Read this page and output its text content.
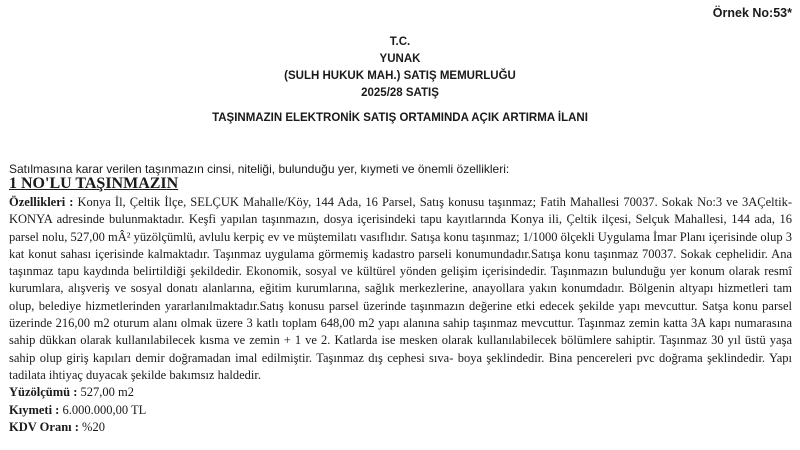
Örnek No:53*
T.C.
YUNAK
(SULH HUKUK MAH.) SATIŞ MEMURLUĞU
2025/28 SATIŞ
TAŞINMAZIN ELEKTRONİK SATIŞ ORTAMINDA AÇIK ARTIRMA İLANI
Satılmasına karar verilen taşınmazın cinsi, niteliği, bulunduğu yer, kıymeti ve önemli özellikleri:
1 NO'LU TAŞINMAZIN

Özellikleri : Konya İl, Çeltik İlçe, SELÇUK Mahalle/Köy, 144 Ada, 16 Parsel, Satış konusu taşınmaz; Fatih Mahallesi 70037. Sokak No:3 ve 3AÇeltik-KONYA adresinde bulunmaktadır. Keşfi yapılan taşınmazın, dosya içerisindeki tapu kayıtlarında Konya ili, Çeltik ilçesi, Selçuk Mahallesi, 144 ada, 16 parsel nolu, 527,00 mÂ² yüzölçümlü, avlulu kerpiç ev ve müştemilatı vasıflıdır. Satışa konu taşınmaz; 1/1000 ölçekli Uygulama İmar Planı içerisinde olup 3 kat konut sahası içerisinde kalmaktadır. Taşınmaz uygulama görmemiş kadastro parseli konumundadır.Satışa konu taşınmaz 70037. Sokak cephelidir. Ana taşınmaz tapu kaydında belirtildiği şekildedir. Ekonomik, sosyal ve kültürel yönden gelişim içerisindedir. Taşınmazın bulunduğu yer konum olarak resmî kurumlara, alışveriş ve sosyal donatı alanlarına, eğitim kurumlarına, sağlık merkezlerine, anayollara yakın konumdadır. Bölgenin altyapı hizmetleri tam olup, belediye hizmetlerinden yararlanılmaktadır.Satış konusu parsel üzerinde taşınmazın değerine etki edecek şekilde yapı mevcuttur. Satşa konu parsel üzerinde 216,00 m2 oturum alanı olmak üzere 3 katlı toplam 648,00 m2 yapı alanına sahip taşınmaz mevcuttur. Taşınmaz zemin katta 3A kapı numarasına sahip dükkan olarak kullanılabilecek kısma ve zemin + 1 ve 2. Katlarda ise mesken olarak kullanılabilecek bölümlere sahiptir. Taşınmaz 30 yıl üstü yaşa sahip olup giriş kapıları demir doğramadan imal edilmiştir. Taşınmaz dış cephesi sıva- boya şeklindedir. Bina pencereleri pvc doğrama şeklindedir. Yapı tadilata ihtiyaç duyacak şekilde bakımsız haldedir.

Yüzölçümü : 527,00 m2

Kıymeti : 6.000.000,00 TL

KDV Oranı : %20
